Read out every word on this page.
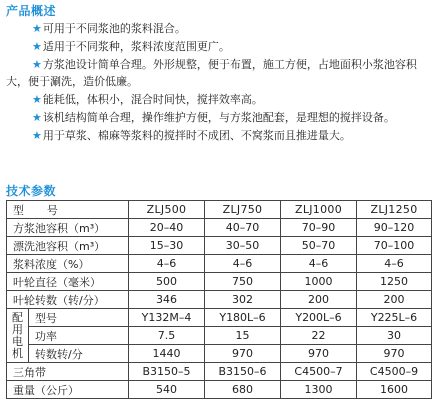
产品概述
★可用于不同浆池的浆料混合。
★适用于不同浆种，浆料浓度范围更广。
★方浆池设计简单合理。外形规整，便于布置，施工方便，占地面积小浆池容积大，便于涮洗，造价低廉。
★能耗低，体积小，混合时间快，搅拌效率高。
★该机结构简单合理，操作维护方便，与方浆池配套，是理想的搅拌设备。
★用于草浆、棉麻等浆料的搅拌时不成团、不窝浆而且推进量大。
技术参数
型　　号		ZLJ500	ZLJ750	ZLJ1000	ZLJ1250
方浆池容积（m³）		20–40	40–70	70–90	90–120
漂洗池容积（m³）		15–30	30–50	50–70	70–100
浆料浓度（%）		4–6	4–6	4–6	4–6
叶轮直径（毫米）		500	750	1000	1250
叶轮转数（转/分）		346	302	200	200
配
用
电
机	型号	Y132M–4	Y180L–6	Y200L–6	Y225L–6
	功率	7.5	15	22	30
	转数转/分	1440	970	970	970
三角带		B3150–5	B3150–6	C4500–7	C4500–9
重量（公斤）		540	680	1300	1600
